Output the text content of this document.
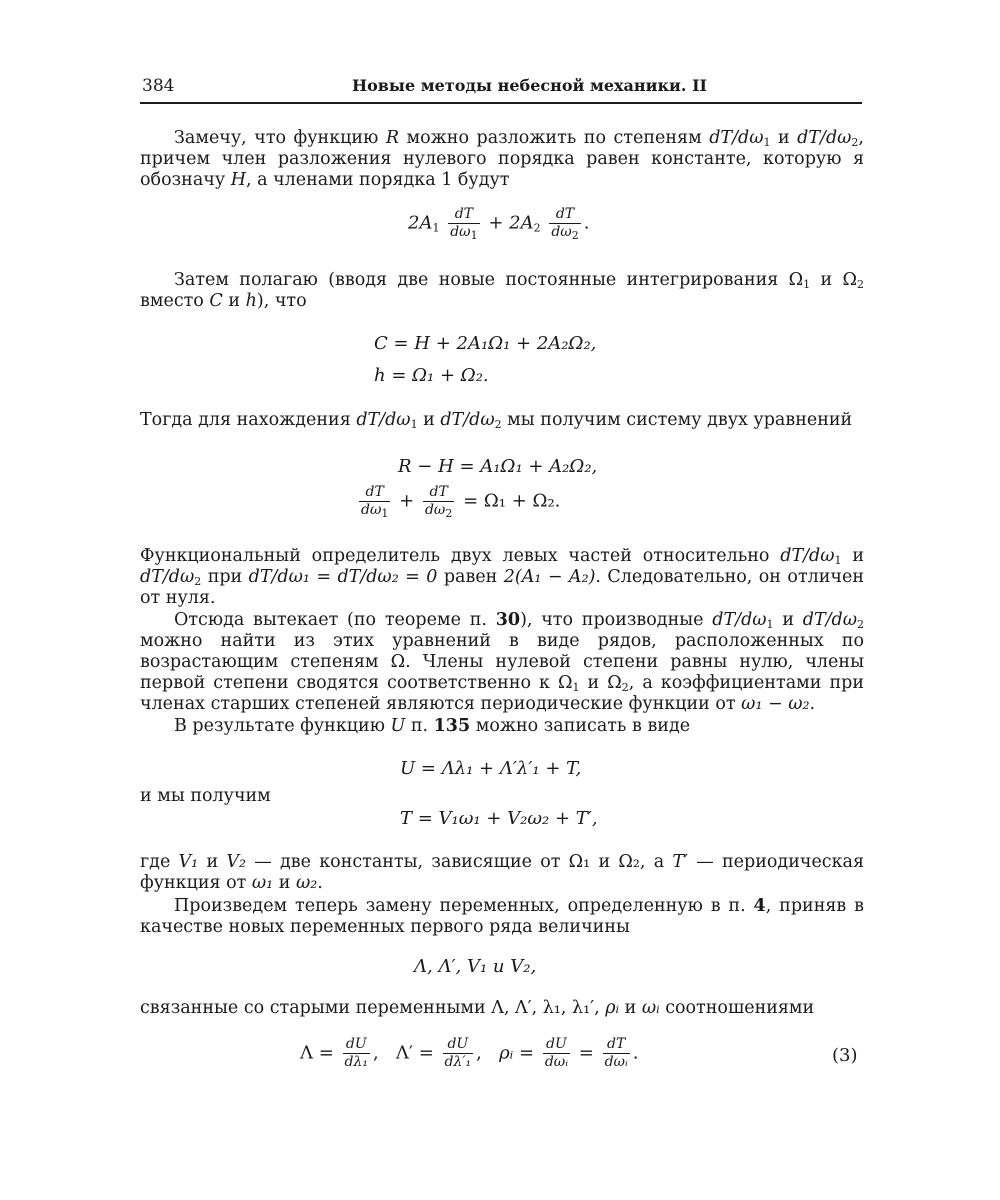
384	Новые методы небесной механики. II
Замечу, что функцию R можно разложить по степеням $dT/d\omega_1$ и $dT/d\omega_2$, причем член разложения нулевого порядка равен константе, которую я обозначу H, а членами порядка 1 будут
$2A_1 \frac{dT}{d\omega_1} + 2A_2 \frac{dT}{d\omega_2}$ .
Затем полагаю (вводя две новые постоянные интегрирования $\Omega_1$ и $\Omega_2$ вместо C и h), что
C = H + 2A₁Ω₁ + 2A₂Ω₂,
h = Ω₁ + Ω₂.
Тогда для нахождения $dT/d\omega_1$ и $dT/d\omega_2$ мы получим систему двух уравнений
R − H = A₁Ω₁ + A₂Ω₂,
$\frac{dT}{d\omega_1} + \frac{dT}{d\omega_2} = \Omega_1 + \Omega_2$.
Функциональный определитель двух левых частей относительно $dT/d\omega_1$ и $dT/d\omega_2$ при dT/dω₁ = dT/dω₂ = 0 равен 2(A₁ − A₂). Следовательно, он отличен от нуля.
Отсюда вытекает (по теореме п. 30), что производные $dT/d\omega_1$ и $dT/d\omega_2$ можно найти из этих уравнений в виде рядов, расположенных по возрастающим степеням Ω. Члены нулевой степени равны нулю, члены первой степени сводятся соответственно к $\Omega_1$ и $\Omega_2$, а коэффициентами при членах старших степеней являются периодические функции от ω₁ − ω₂.
В результате функцию U п. 135 можно записать в виде
U = Λλ₁ + Λ′λ′₁ + T,
и мы получим
T = V₁ω₁ + V₂ω₂ + T′,
где V₁ и V₂ — две константы, зависящие от Ω₁ и Ω₂, а T′ — периодическая функция от ω₁ и ω₂.
Произведем теперь замену переменных, определенную в п. 4, приняв в качестве новых переменных первого ряда величины
Λ, Λ′, V₁ и V₂,
связанные со старыми переменными Λ, Λ′, λ₁, λ₁′, ρᵢ и ωᵢ соотношениями
$\Lambda = \frac{dU}{\text{dλ₁}}$ , $\Lambda' = \frac{dU}{\text{dλ′₁}}$ , ρᵢ = $\frac{dU}{\text{dωᵢ}} = \frac{dT}{\text{dωᵢ}}$ .	(3)
